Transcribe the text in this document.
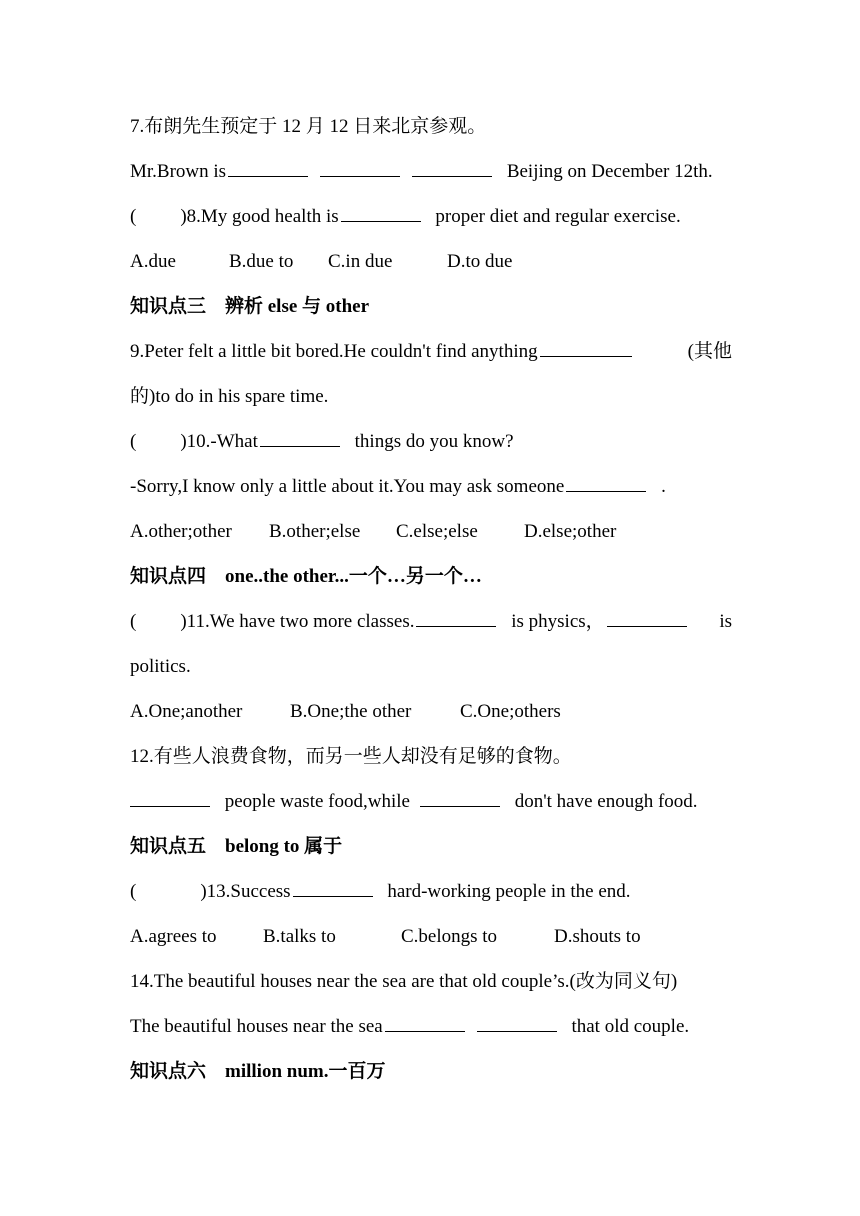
7.布朗先生预定于 12 月 12 日来北京参观。
Mr.Brown is	Beijing on December 12th.
( )8.My good health is	proper diet and regular exercise.
A.due	B.due to C.in due	D.to due
知识点三　辨析 else 与 other
9.Peter felt a little bit bored.He couldn't find anything	(其他
的)to do in his spare time.
( )10.-What	things do you know?
-Sorry,I know only a little about it.You may ask someone	.
A.other;other B.other;else C.else;else D.else;other
知识点四　one..the other...一个…另一个…
( )11.We have two more classes.	is physics，	is
politics.
A.One;another	B.One;the other	C.One;others
12.有些人浪费食物，而另一些人却没有足够的食物。
people waste food,while	don't have enough food.
知识点五　belong to 属于
(	)13.Success	hard-working people in the end.
A.agrees to B.talks to	C.belongs to	D.shouts to
14.The beautiful houses near the sea are that old couple’s.(改为同义句)
The beautiful houses near the sea	that old couple.
知识点六　million num.一百万
